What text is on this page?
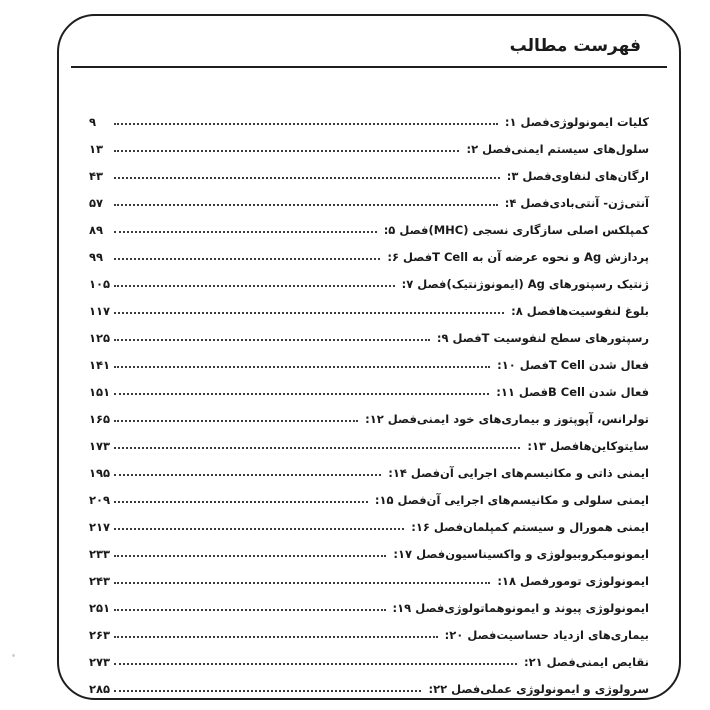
فهرست مطالب
فصل ۱: کلیات ایمونولوژی
۹
فصل ۲: سلول‌های سیستم ایمنی
۱۳
فصل ۳: ارگان‌های لنفاوی
۴۳
فصل ۴: آنتی‌ژن- آنتی‌بادی
۵۷
فصل ۵: کمپلکس اصلی سازگاری نسجی (MHC)
۸۹
فصل ۶: پردازش Ag و نحوه عرضه آن به T Cell
۹۹
فصل ۷: ژنتیک رسپتورهای Ag (ایمونوژنتیک)
۱۰۵
فصل ۸: بلوغ لنفوسیت‌ها
۱۱۷
فصل ۹: رسپتورهای سطح لنفوسیت T
۱۲۵
فصل ۱۰: فعال شدن T Cell
۱۴۱
فصل ۱۱: فعال شدن B Cell
۱۵۱
فصل ۱۲: تولرانس، آپوپتوز و بیماری‌های خود ایمنی
۱۶۵
فصل ۱۳: سایتوکاین‌ها
۱۷۳
فصل ۱۴: ایمنی ذاتی و مکانیسم‌های اجرایی آن
۱۹۵
فصل ۱۵: ایمنی سلولی و مکانیسم‌های اجرایی آن
۲۰۹
فصل ۱۶: ایمنی همورال و سیستم کمپلمان
۲۱۷
فصل ۱۷: ایمونومیکروبیولوژی و واکسیناسیون
۲۳۳
فصل ۱۸: ایمونولوژی تومور
۲۴۳
فصل ۱۹: ایمونولوژی پیوند و ایمونوهماتولوژی
۲۵۱
فصل ۲۰: بیماری‌های ازدیاد حساسیت
۲۶۳
فصل ۲۱: نقایص ایمنی
۲۷۳
فصل ۲۲: سرولوژی و ایمونولوژی عملی
۲۸۵
